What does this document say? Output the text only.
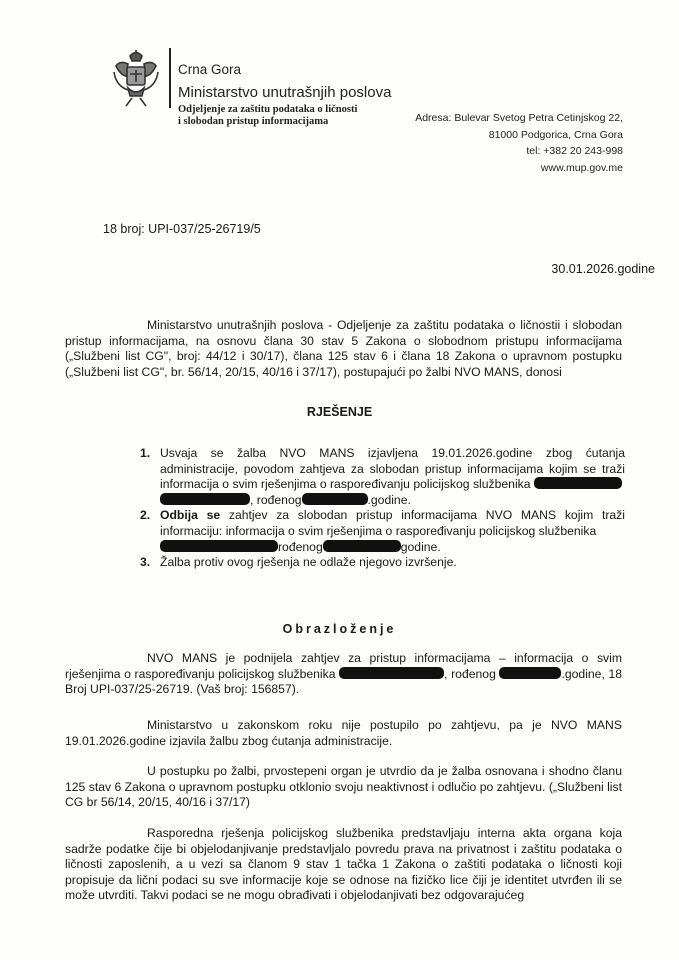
Crna Gora
Ministarstvo unutrašnjih poslova
Odjeljenje za zaštitu podataka o ličnosti
i slobodan pristup informacijama	Adresa: Bulevar Svetog Petra Cetinjskog 22,
81000 Podgorica, Crna Gora
tel: +382 20 243-998
www.mup.gov.me
18 broj: UPI-037/25-26719/5
30.01.2026.godine
Ministarstvo unutrašnjih poslova - Odjeljenje za zaštitu podataka o ličnostii i slobodan pristup informacijama, na osnovu člana 30 stav 5 Zakona o slobodnom pristupu informacijama („Službeni list CG", broj: 44/12 i 30/17), člana 125 stav 6 i člana 18 Zakona o upravnom postupku („Službeni list CG", br. 56/14, 20/15, 40/16 i 37/17), postupajući po žalbi NVO MANS, donosi
RJEŠENJE
1. Usvaja se žalba NVO MANS izjavljena 19.01.2026.godine zbog ćutanja administracije, povodom zahtjeva za slobodan pristup informacijama kojim se traži informacija o svim rješenjima o raspoređivanju policijskog službenika
, rođenog	.godine.
2. Odbija se zahtjev za slobodan pristup informacijama NVO MANS kojim traži informaciju: informacija o svim rješenjima o raspoređivanju policijskog službenika
rođenog	godine.
3. Žalba protiv ovog rješenja ne odlaže njegovo izvršenje.
Obrazloženje
NVO MANS je podnijela zahtjev za pristup informacijama – informacija o svim rješenjima o raspoređivanju policijskog službenika	, rođenog	.godine, 18 Broj UPI-037/25-26719. (Vaš broj: 156857).
Ministarstvo u zakonskom roku nije postupilo po zahtjevu, pa je NVO MANS 19.01.2026.godine izjavila žalbu zbog ćutanja administracije.
U postupku po žalbi, prvostepeni organ je utvrdio da je žalba osnovana i shodno članu 125 stav 6 Zakona o upravnom postupku otklonio svoju neaktivnost i odlučio po zahtjevu. („Službeni list CG br 56/14, 20/15, 40/16 i 37/17)
Rasporedna rješenja policijskog službenika predstavljaju interna akta organa koja sadrže podatke čije bi objelodanjivanje predstavljalo povredu prava na privatnost i zaštitu podataka o ličnosti zaposlenih, a u vezi sa članom 9 stav 1 tačka 1 Zakona o zaštiti podataka o ličnosti koji propisuje da lični podaci su sve informacije koje se odnose na fizičko lice čiji je identitet utvrđen ili se može utvrditi. Takvi podaci se ne mogu obrađivati i objelodanjivati bez odgovarajućeg
